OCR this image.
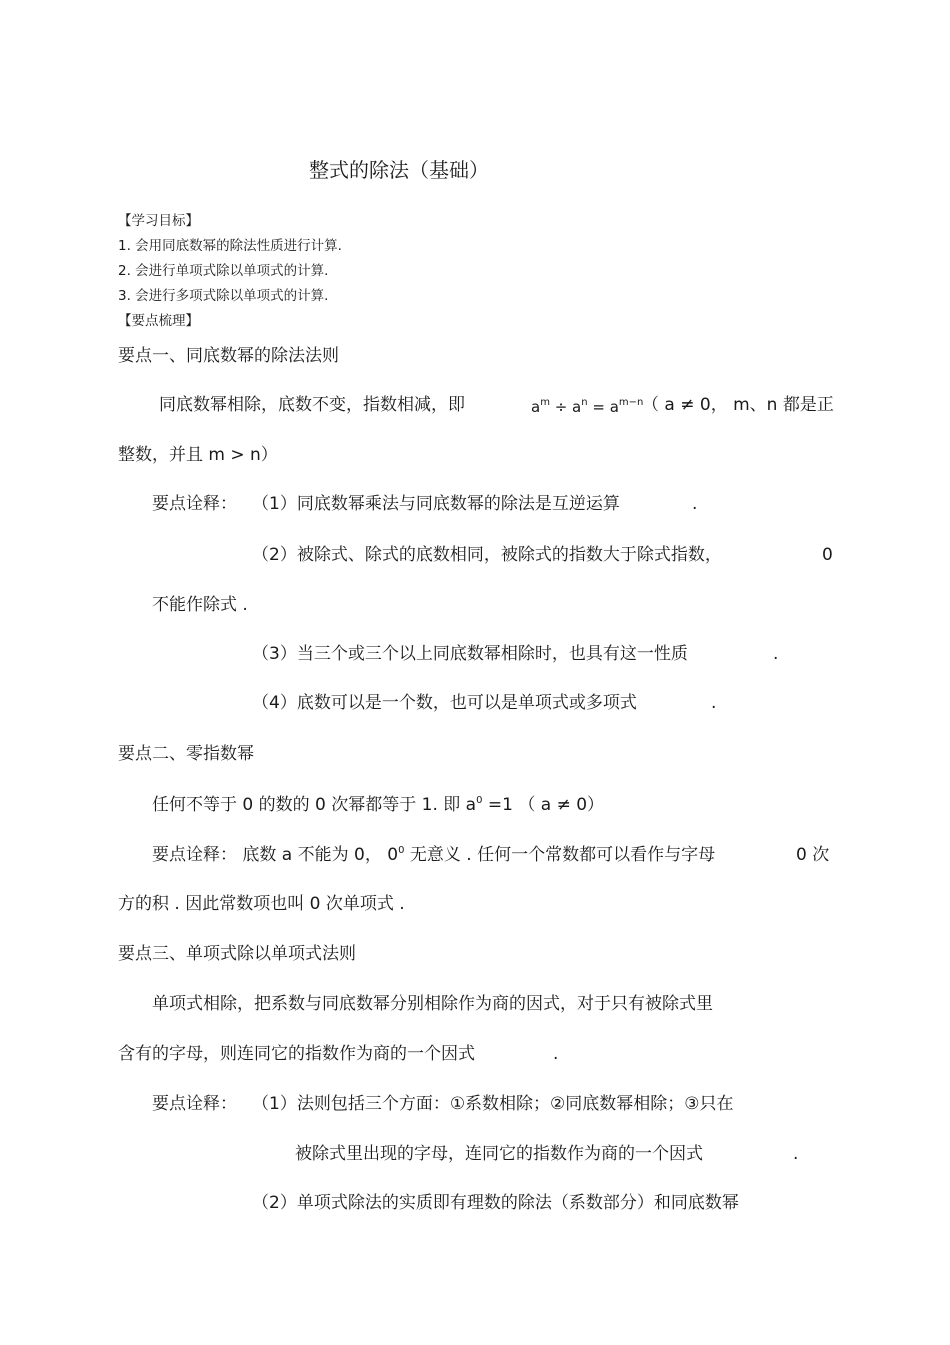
整式的除法（基础）
【学习目标】
1. 会用同底数幂的除法性质进行计算.
2. 会进行单项式除以单项式的计算.
3. 会进行多项式除以单项式的计算.
【要点梳理】
要点一、同底数幂的除法法则
同底数幂相除，底数不变，指数相减，即	$a^m \div a^n = a^{m-n}$
（ a ≠ 0， m、n 都是正
整数，并且 m > n）
要点诠释： （1）同底数幂乘法与同底数幂的除法是互逆运算	.
（2）被除式、除式的底数相同，被除式的指数大于除式指数，	0
不能作除式 .
（3）当三个或三个以上同底数幂相除时，也具有这一性质	.
（4）底数可以是一个数，也可以是单项式或多项式	.
要点二、零指数幂
任何不等于 0 的数的 0 次幂都等于 1. 即 $a^0 =1$ （ a ≠ 0）
要点诠释： 底数 a 不能为 0， $0^0$ 无意义 . 任何一个常数都可以看作与字母	0 次
方的积 . 因此常数项也叫 0 次单项式 .
要点三、单项式除以单项式法则
单项式相除，把系数与同底数幂分别相除作为商的因式，对于只有被除式里
含有的字母，则连同它的指数作为商的一个因式	.
要点诠释： （1）法则包括三个方面：①系数相除；②同底数幂相除；③只在
被除式里出现的字母，连同它的指数作为商的一个因式	.
（2）单项式除法的实质即有理数的除法（系数部分）和同底数幂
